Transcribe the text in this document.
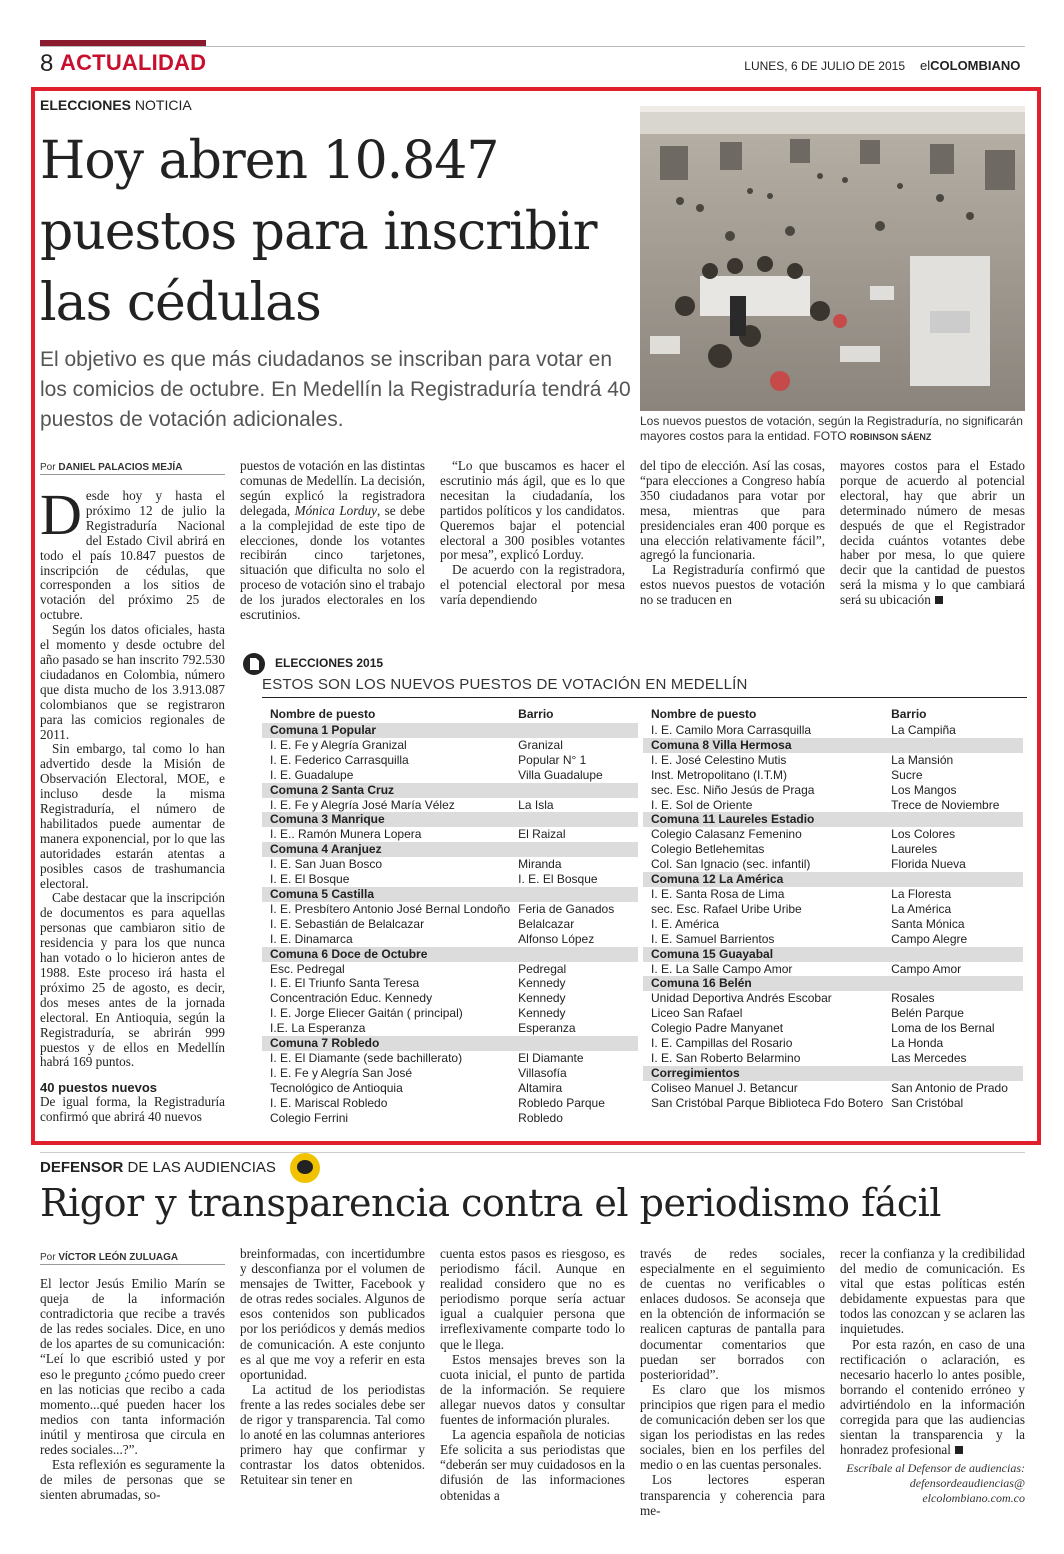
8 ACTUALIDAD	LUNES, 6 DE JULIO DE 2015 elCOLOMBIANO
ELECCIONES NOTICIA
Hoy abren 10.847 puestos para inscribir las cédulas
El objetivo es que más ciudadanos se inscriban para votar en los comicios de octubre. En Medellín la Registraduría tendrá 40 puestos de votación adicionales.	Los nuevos puestos de votación, según la Registraduría, no significarán mayores costos para la entidad. FOTO ROBINSON SÁENZ
Por DANIEL PALACIOS MEJÍA

Desde hoy y hasta el próximo 12 de julio la Registraduría Nacional del Estado Civil abrirá en todo el país 10.847 puestos de inscripción de cédulas, que corresponden a los sitios de votación del próximo 25 de octubre.

Según los datos oficiales, hasta el momento y desde octubre del año pasado se han inscrito 792.530 ciudadanos en Colombia, número que dista mucho de los 3.913.087 colombianos que se registraron para las comicios regionales de 2011.

Sin embargo, tal como lo han advertido desde la Misión de Observación Electoral, MOE, e incluso desde la misma Registraduría, el número de habilitados puede aumentar de manera exponencial, por lo que las autoridades estarán atentas a posibles casos de trashumancia electoral.

Cabe destacar que la inscripción de documentos es para aquellas personas que cambiaron sitio de residencia y para los que nunca han votado o lo hicieron antes de 1988. Este proceso irá hasta el próximo 25 de agosto, es decir, dos meses antes de la jornada electoral. En Antioquia, según la Registraduría, se abrirán 999 puestos y de ellos en Medellín habrá 169 puntos.

40 puestos nuevos

De igual forma, la Registraduría confirmó que abrirá 40 nuevos

puestos de votación en las distintas comunas de Medellín. La decisión, según explicó la registradora delegada, Mónica Lorduy, se debe a la complejidad de este tipo de elecciones, donde los votantes recibirán cinco tarjetones, situación que dificulta no solo el proceso de votación sino el trabajo de los jurados electorales en los escrutinios.

“Lo que buscamos es hacer el escrutinio más ágil, que es lo que necesitan la ciudadanía, los partidos políticos y los candidatos. Queremos bajar el potencial electoral a 300 posibles votantes por mesa”, explicó Lorduy.

De acuerdo con la registradora, el potencial electoral por mesa varía dependiendo

del tipo de elección. Así las cosas, “para elecciones a Congreso había 350 ciudadanos para votar por mesa, mientras que para presidenciales eran 400 porque es una elección relativamente fácil”, agregó la funcionaria.

La Registraduría confirmó que estos nuevos puestos de votación no se traducen en

mayores costos para el Estado porque de acuerdo al potencial electoral, hay que abrir un determinado número de mesas después de que el Registrador decida cuántos votantes debe haber por mesa, lo que quiere decir que la cantidad de puestos será la misma y lo que cambiará será su ubicación

ELECCIONES 2015
ESTOS SON LOS NUEVOS PUESTOS DE VOTACIÓN EN MEDELLÍN
Nombre de puesto	Barrio
Comuna 1 Popular	
I. E. Fe y Alegría Granizal	Granizal
I. E. Federico Carrasquilla	Popular N° 1
I. E. Guadalupe	Villa Guadalupe
Comuna 2 Santa Cruz	
I. E. Fe y Alegría José María Vélez	La Isla
Comuna 3 Manrique	
I. E.. Ramón Munera Lopera	El Raizal
Comuna 4 Aranjuez	
I. E. San Juan Bosco	Miranda
I. E. El Bosque	I. E. El Bosque
Comuna 5 Castilla	
I. E. Presbítero Antonio José Bernal Londoño	Feria de Ganados
I. E. Sebastián de Belalcazar	Belalcazar
I. E. Dinamarca	Alfonso López
Comuna 6 Doce de Octubre	
Esc. Pedregal	Pedregal
I. E. El Triunfo Santa Teresa	Kennedy
Concentración Educ. Kennedy	Kennedy
I. E. Jorge Eliecer Gaitán ( principal)	Kennedy
I.E. La Esperanza	Esperanza
Comuna 7 Robledo	
I. E. El Diamante (sede bachillerato)	El Diamante
I. E. Fe y Alegría San José	Villasofía
Tecnológico de Antioquia	Altamira
I. E. Mariscal Robledo	Robledo Parque
Colegio Ferrini	Robledo
Nombre de puesto	Barrio
I. E. Camilo Mora Carrasquilla	La Campiña
Comuna 8 Villa Hermosa	
I. E. José Celestino Mutis	La Mansión
Inst. Metropolitano (I.T.M)	Sucre
sec. Esc. Niño Jesús de Praga	Los Mangos
I. E. Sol de Oriente	Trece de Noviembre
Comuna 11 Laureles Estadio	
Colegio Calasanz Femenino	Los Colores
Colegio Betlehemitas	Laureles
Col. San Ignacio (sec. infantil)	Florida Nueva
Comuna 12 La América	
I. E. Santa Rosa de Lima	La Floresta
sec. Esc. Rafael Uribe Uribe	La América
I. E. América	Santa Mónica
I. E. Samuel Barrientos	Campo Alegre
Comuna 15 Guayabal	
I. E. La Salle Campo Amor	Campo Amor
Comuna 16 Belén	
Unidad Deportiva Andrés Escobar	Rosales
Liceo San Rafael	Belén Parque
Colegio Padre Manyanet	Loma de los Bernal
I. E. Campillas del Rosario	La Honda
I. E. San Roberto Belarmino	Las Mercedes
Corregimientos	
Coliseo Manuel J. Betancur	San Antonio de Prado
San Cristóbal Parque Biblioteca Fdo Botero	San Cristóbal
DEFENSOR DE LAS AUDIENCIAS
Rigor y transparencia contra el periodismo fácil
Por VÍCTOR LEÓN ZULUAGA

El lector Jesús Emilio Marín se queja de la información contradictoria que recibe a través de las redes sociales. Dice, en uno de los apartes de su comunicación: “Leí lo que escribió usted y por eso le pregunto ¿cómo puedo creer en las noticias que recibo a cada momento...qué pueden hacer los medios con tanta información inútil y mentirosa que circula en redes sociales...?”.

Esta reflexión es seguramente la de miles de personas que se sienten abrumadas, so-

breinformadas, con incertidumbre y desconfianza por el volumen de mensajes de Twitter, Facebook y de otras redes sociales. Algunos de esos contenidos son publicados por los periódicos y demás medios de comunicación. A este conjunto es al que me voy a referir en esta oportunidad.

La actitud de los periodistas frente a las redes sociales debe ser de rigor y transparencia. Tal como lo anoté en las columnas anteriores primero hay que confirmar y contrastar los datos obtenidos. Retuitear sin tener en

cuenta estos pasos es riesgoso, es periodismo fácil. Aunque en realidad considero que no es periodismo porque sería actuar igual a cualquier persona que irreflexivamente comparte todo lo que le llega.

Estos mensajes breves son la cuota inicial, el punto de partida de la información. Se requiere allegar nuevos datos y consultar fuentes de información plurales.

La agencia española de noticias Efe solicita a sus periodistas que “deberán ser muy cuidadosos en la difusión de las informaciones obtenidas a

través de redes sociales, especialmente en el seguimiento de cuentas no verificables o enlaces dudosos. Se aconseja que en la obtención de información se realicen capturas de pantalla para documentar comentarios que puedan ser borrados con posterioridad”.

Es claro que los mismos principios que rigen para el medio de comunicación deben ser los que sigan los periodistas en las redes sociales, bien en los perfiles del medio o en las cuentas personales.

Los lectores esperan transparencia y coherencia para me-

recer la confianza y la credibilidad del medio de comunicación. Es vital que estas políticas estén debidamente expuestas para que todos las conozcan y se aclaren las inquietudes.

Por esta razón, en caso de una rectificación o aclaración, es necesario hacerlo lo antes posible, borrando el contenido erróneo y advirtiéndolo en la información corregida para que las audiencias sientan la transparencia y la honradez profesional

Escríbale al Defensor de audiencias:
defensordeaudiencias@
elcolombiano.com.co
